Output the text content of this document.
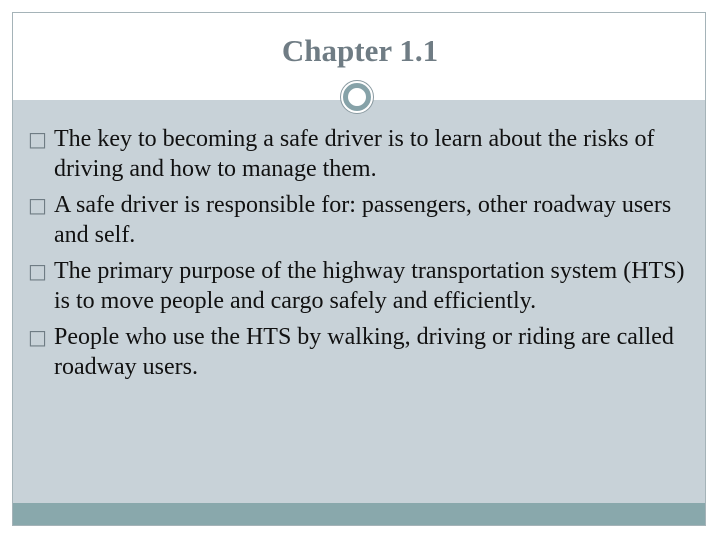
Chapter 1.1
□ The key to becoming a safe driver is to learn about the risks of driving and how to manage them.
□ A safe driver is responsible for: passengers, other roadway users and self.
□ The primary purpose of the highway transportation system (HTS) is to move people and cargo safely and efficiently.
□ People who use the HTS by walking, driving or riding are called roadway users.
